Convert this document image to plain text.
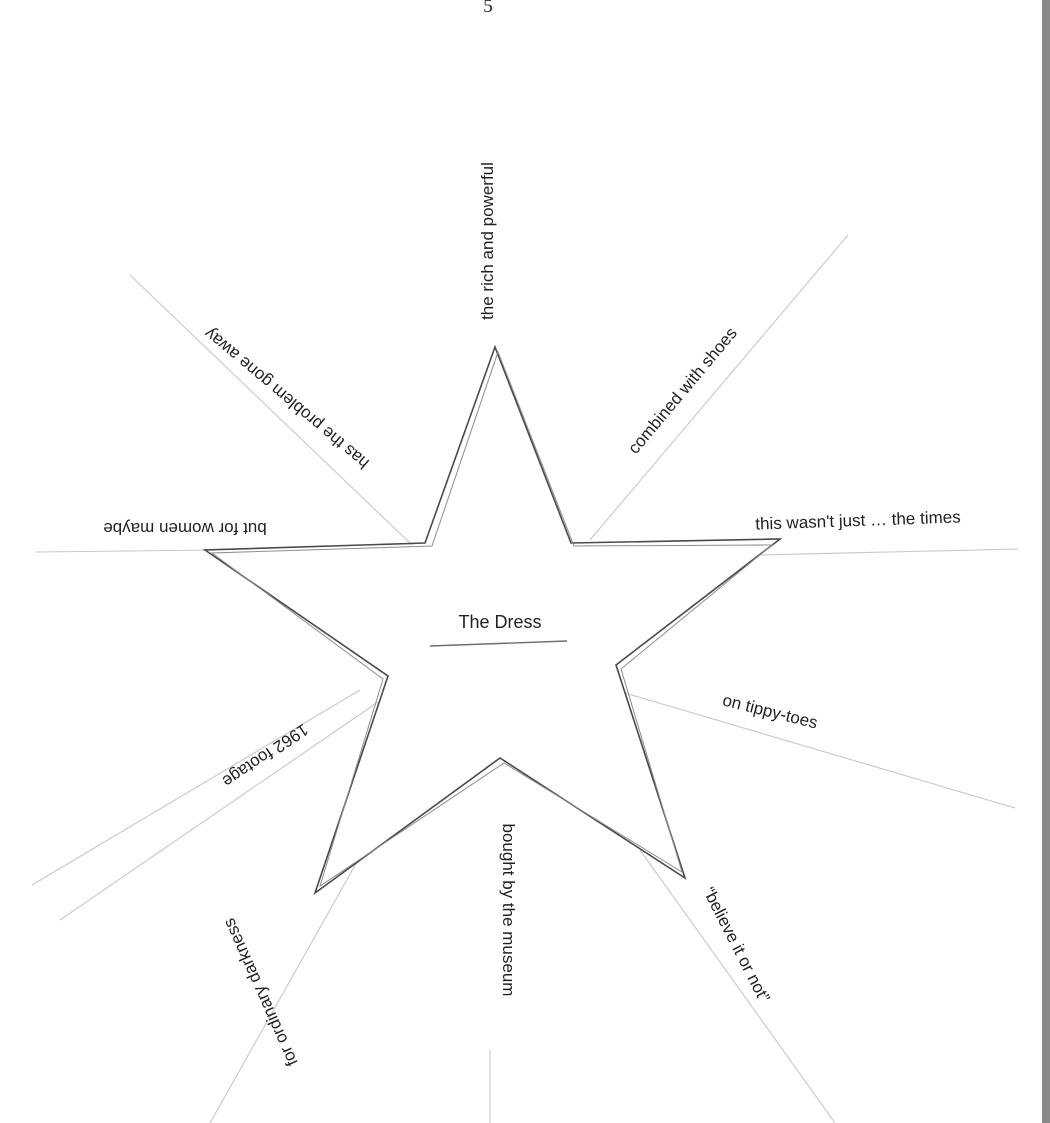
5
The Dress
the rich and powerful
has the problem gone away	combined with shoes
but for women maybe	this wasn't just … the times
1962 footage
on tippy-toes
for ordinary darkness	bought by the museum	“believe it or not”
